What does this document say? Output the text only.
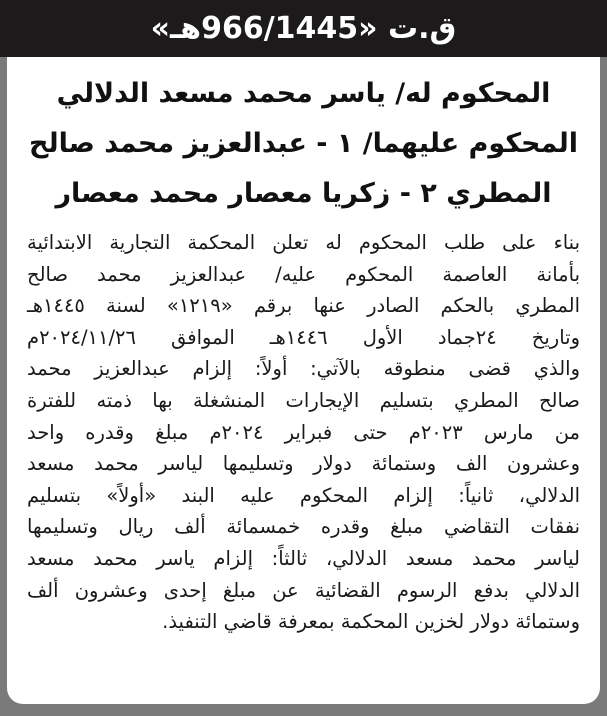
ق.ت «966/1445هـ»
المحكوم له/ ياسر محمد مسعد الدلالي
المحكوم عليهما/ ١ - عبدالعزيز محمد صالح
المطري ٢ - زكريا معصار محمد معصار
بناء على طلب المحكوم له تعلن المحكمة التجارية الابتدائية
بأمانة العاصمة المحكوم عليه/ عبدالعزيز محمد صالح
المطري بالحكم الصادر عنها برقم «١٢١٩» لسنة ١٤٤٥هـ
وتاريخ ٢٤جماد الأول ١٤٤٦هـ الموافق ٢٠٢٤/١١/٢٦م
والذي قضى منطوقه بالآتي: أولاً: إلزام عبدالعزيز محمد
صالح المطري بتسليم الإيجارات المنشغلة بها ذمته للفترة
من مارس ٢٠٢٣م حتى فبراير ٢٠٢٤م مبلغ وقدره واحد
وعشرون الف وستمائة دولار وتسليمها لياسر محمد مسعد
الدلالي، ثانياً: إلزام المحكوم عليه البند «أولاً» بتسليم
نفقات التقاضي مبلغ وقدره خمسمائة ألف ريال وتسليمها
لياسر محمد مسعد الدلالي، ثالثاً: إلزام ياسر محمد مسعد
الدلالي بدفع الرسوم القضائية عن مبلغ إحدى وعشرون ألف
وستمائة دولار لخزين المحكمة بمعرفة قاضي التنفيذ.
